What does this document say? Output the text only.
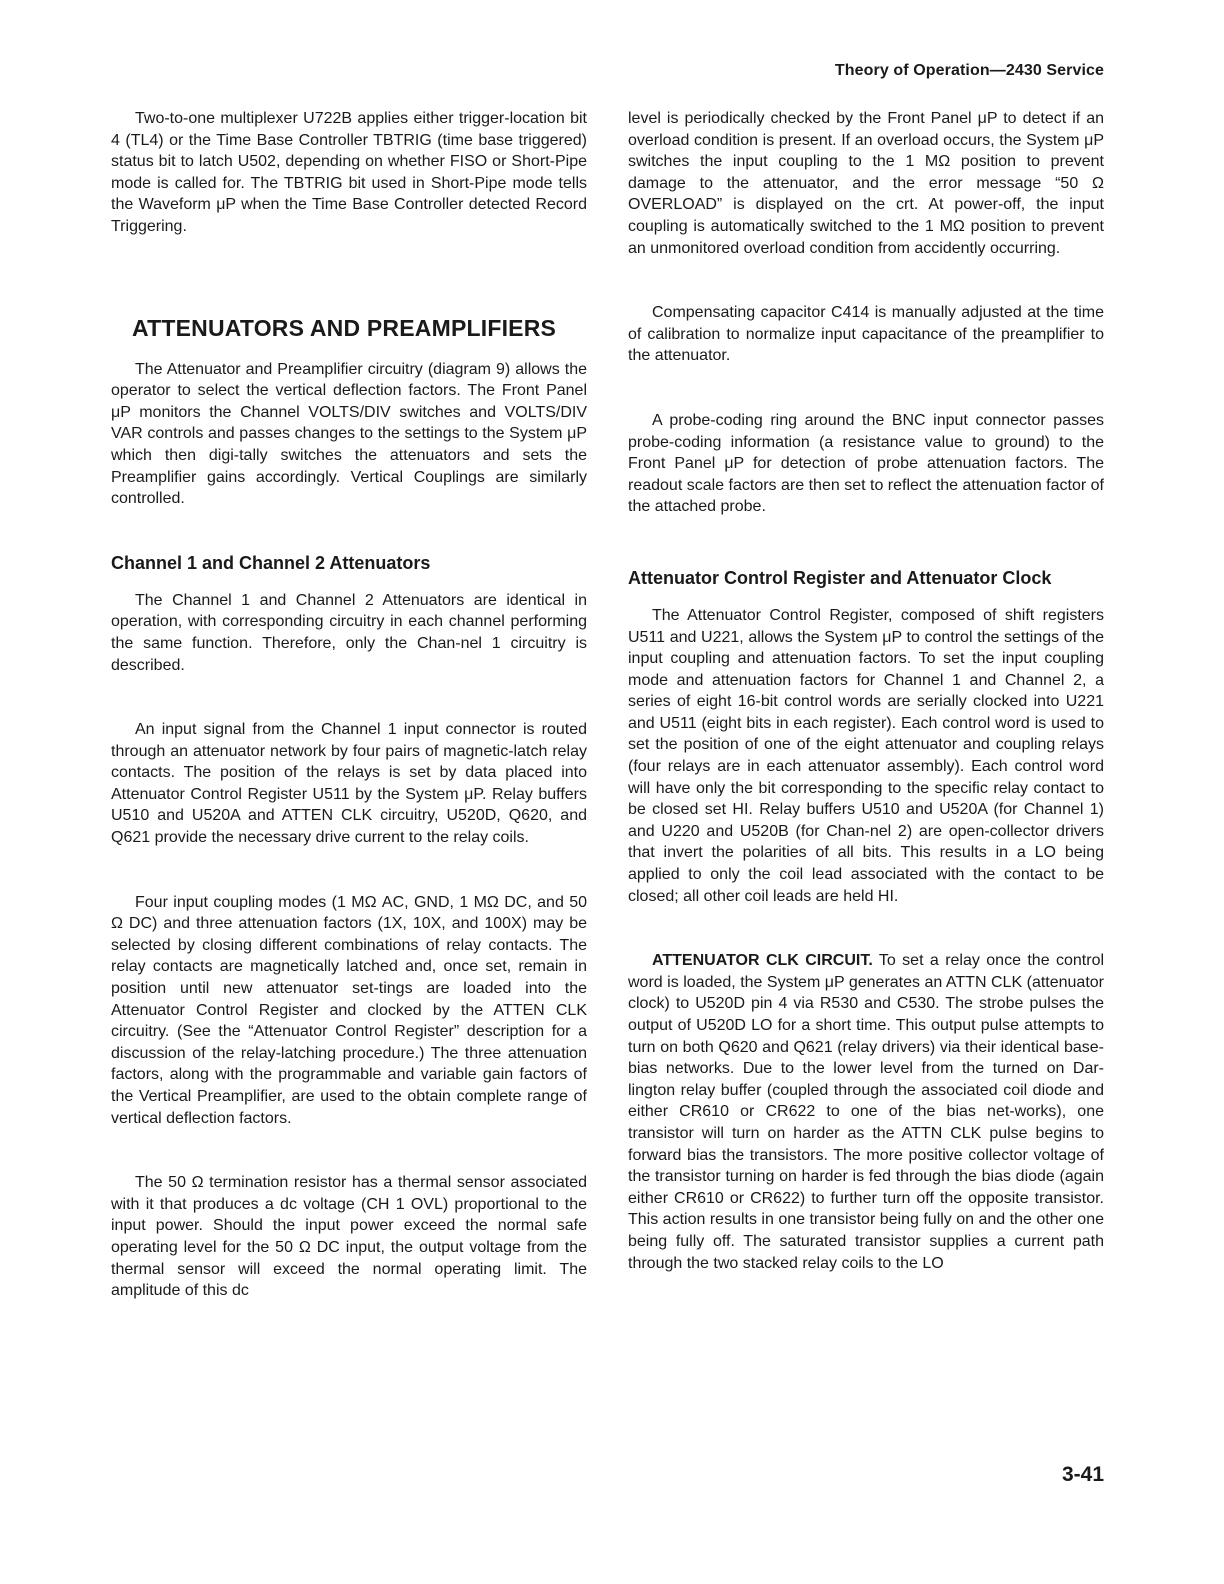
Theory of Operation—2430 Service

Two-to-one multiplexer U722B applies either trigger-location bit 4 (TL4) or the Time Base Controller TBTRIG (time base triggered) status bit to latch U502, depending on whether FISO or Short-Pipe mode is called for. The TBTRIG bit used in Short-Pipe mode tells the Waveform μP when the Time Base Controller detected Record Triggering.

ATTENUATORS AND PREAMPLIFIERS

The Attenuator and Preamplifier circuitry (diagram 9) allows the operator to select the vertical deflection factors. The Front Panel μP monitors the Channel VOLTS/DIV switches and VOLTS/DIV VAR controls and passes changes to the settings to the System μP which then digi-tally switches the attenuators and sets the Preamplifier gains accordingly. Vertical Couplings are similarly controlled.

Channel 1 and Channel 2 Attenuators

The Channel 1 and Channel 2 Attenuators are identical in operation, with corresponding circuitry in each channel performing the same function. Therefore, only the Chan-nel 1 circuitry is described.

An input signal from the Channel 1 input connector is routed through an attenuator network by four pairs of magnetic-latch relay contacts. The position of the relays is set by data placed into Attenuator Control Register U511 by the System μP. Relay buffers U510 and U520A and ATTEN CLK circuitry, U520D, Q620, and Q621 provide the necessary drive current to the relay coils.

Four input coupling modes (1 MΩ AC, GND, 1 MΩ DC, and 50 Ω DC) and three attenuation factors (1X, 10X, and 100X) may be selected by closing different combinations of relay contacts. The relay contacts are magnetically latched and, once set, remain in position until new attenuator set-tings are loaded into the Attenuator Control Register and clocked by the ATTEN CLK circuitry. (See the “Attenuator Control Register” description for a discussion of the relay-latching procedure.) The three attenuation factors, along with the programmable and variable gain factors of the Vertical Preamplifier, are used to the obtain complete range of vertical deflection factors.

The 50 Ω termination resistor has a thermal sensor associated with it that produces a dc voltage (CH 1 OVL) proportional to the input power. Should the input power exceed the normal safe operating level for the 50 Ω DC input, the output voltage from the thermal sensor will exceed the normal operating limit. The amplitude of this dc

level is periodically checked by the Front Panel μP to detect if an overload condition is present. If an overload occurs, the System μP switches the input coupling to the 1 MΩ position to prevent damage to the attenuator, and the error message “50 Ω OVERLOAD” is displayed on the crt. At power-off, the input coupling is automatically switched to the 1 MΩ position to prevent an unmonitored overload condition from accidently occurring.

Compensating capacitor C414 is manually adjusted at the time of calibration to normalize input capacitance of the preamplifier to the attenuator.

A probe-coding ring around the BNC input connector passes probe-coding information (a resistance value to ground) to the Front Panel μP for detection of probe attenuation factors. The readout scale factors are then set to reflect the attenuation factor of the attached probe.

Attenuator Control Register and Attenuator Clock

The Attenuator Control Register, composed of shift registers U511 and U221, allows the System μP to control the settings of the input coupling and attenuation factors. To set the input coupling mode and attenuation factors for Channel 1 and Channel 2, a series of eight 16-bit control words are serially clocked into U221 and U511 (eight bits in each register). Each control word is used to set the position of one of the eight attenuator and coupling relays (four relays are in each attenuator assembly). Each control word will have only the bit corresponding to the specific relay contact to be closed set HI. Relay buffers U510 and U520A (for Channel 1) and U220 and U520B (for Chan-nel 2) are open-collector drivers that invert the polarities of all bits. This results in a LO being applied to only the coil lead associated with the contact to be closed; all other coil leads are held HI.

ATTENUATOR CLK CIRCUIT. To set a relay once the control word is loaded, the System μP generates an ATTN CLK (attenuator clock) to U520D pin 4 via R530 and C530. The strobe pulses the output of U520D LO for a short time. This output pulse attempts to turn on both Q620 and Q621 (relay drivers) via their identical base-bias networks. Due to the lower level from the turned on Dar-lington relay buffer (coupled through the associated coil diode and either CR610 or CR622 to one of the bias net-works), one transistor will turn on harder as the ATTN CLK pulse begins to forward bias the transistors. The more positive collector voltage of the transistor turning on harder is fed through the bias diode (again either CR610 or CR622) to further turn off the opposite transistor. This action results in one transistor being fully on and the other one being fully off. The saturated transistor supplies a current path through the two stacked relay coils to the LO

3-41
